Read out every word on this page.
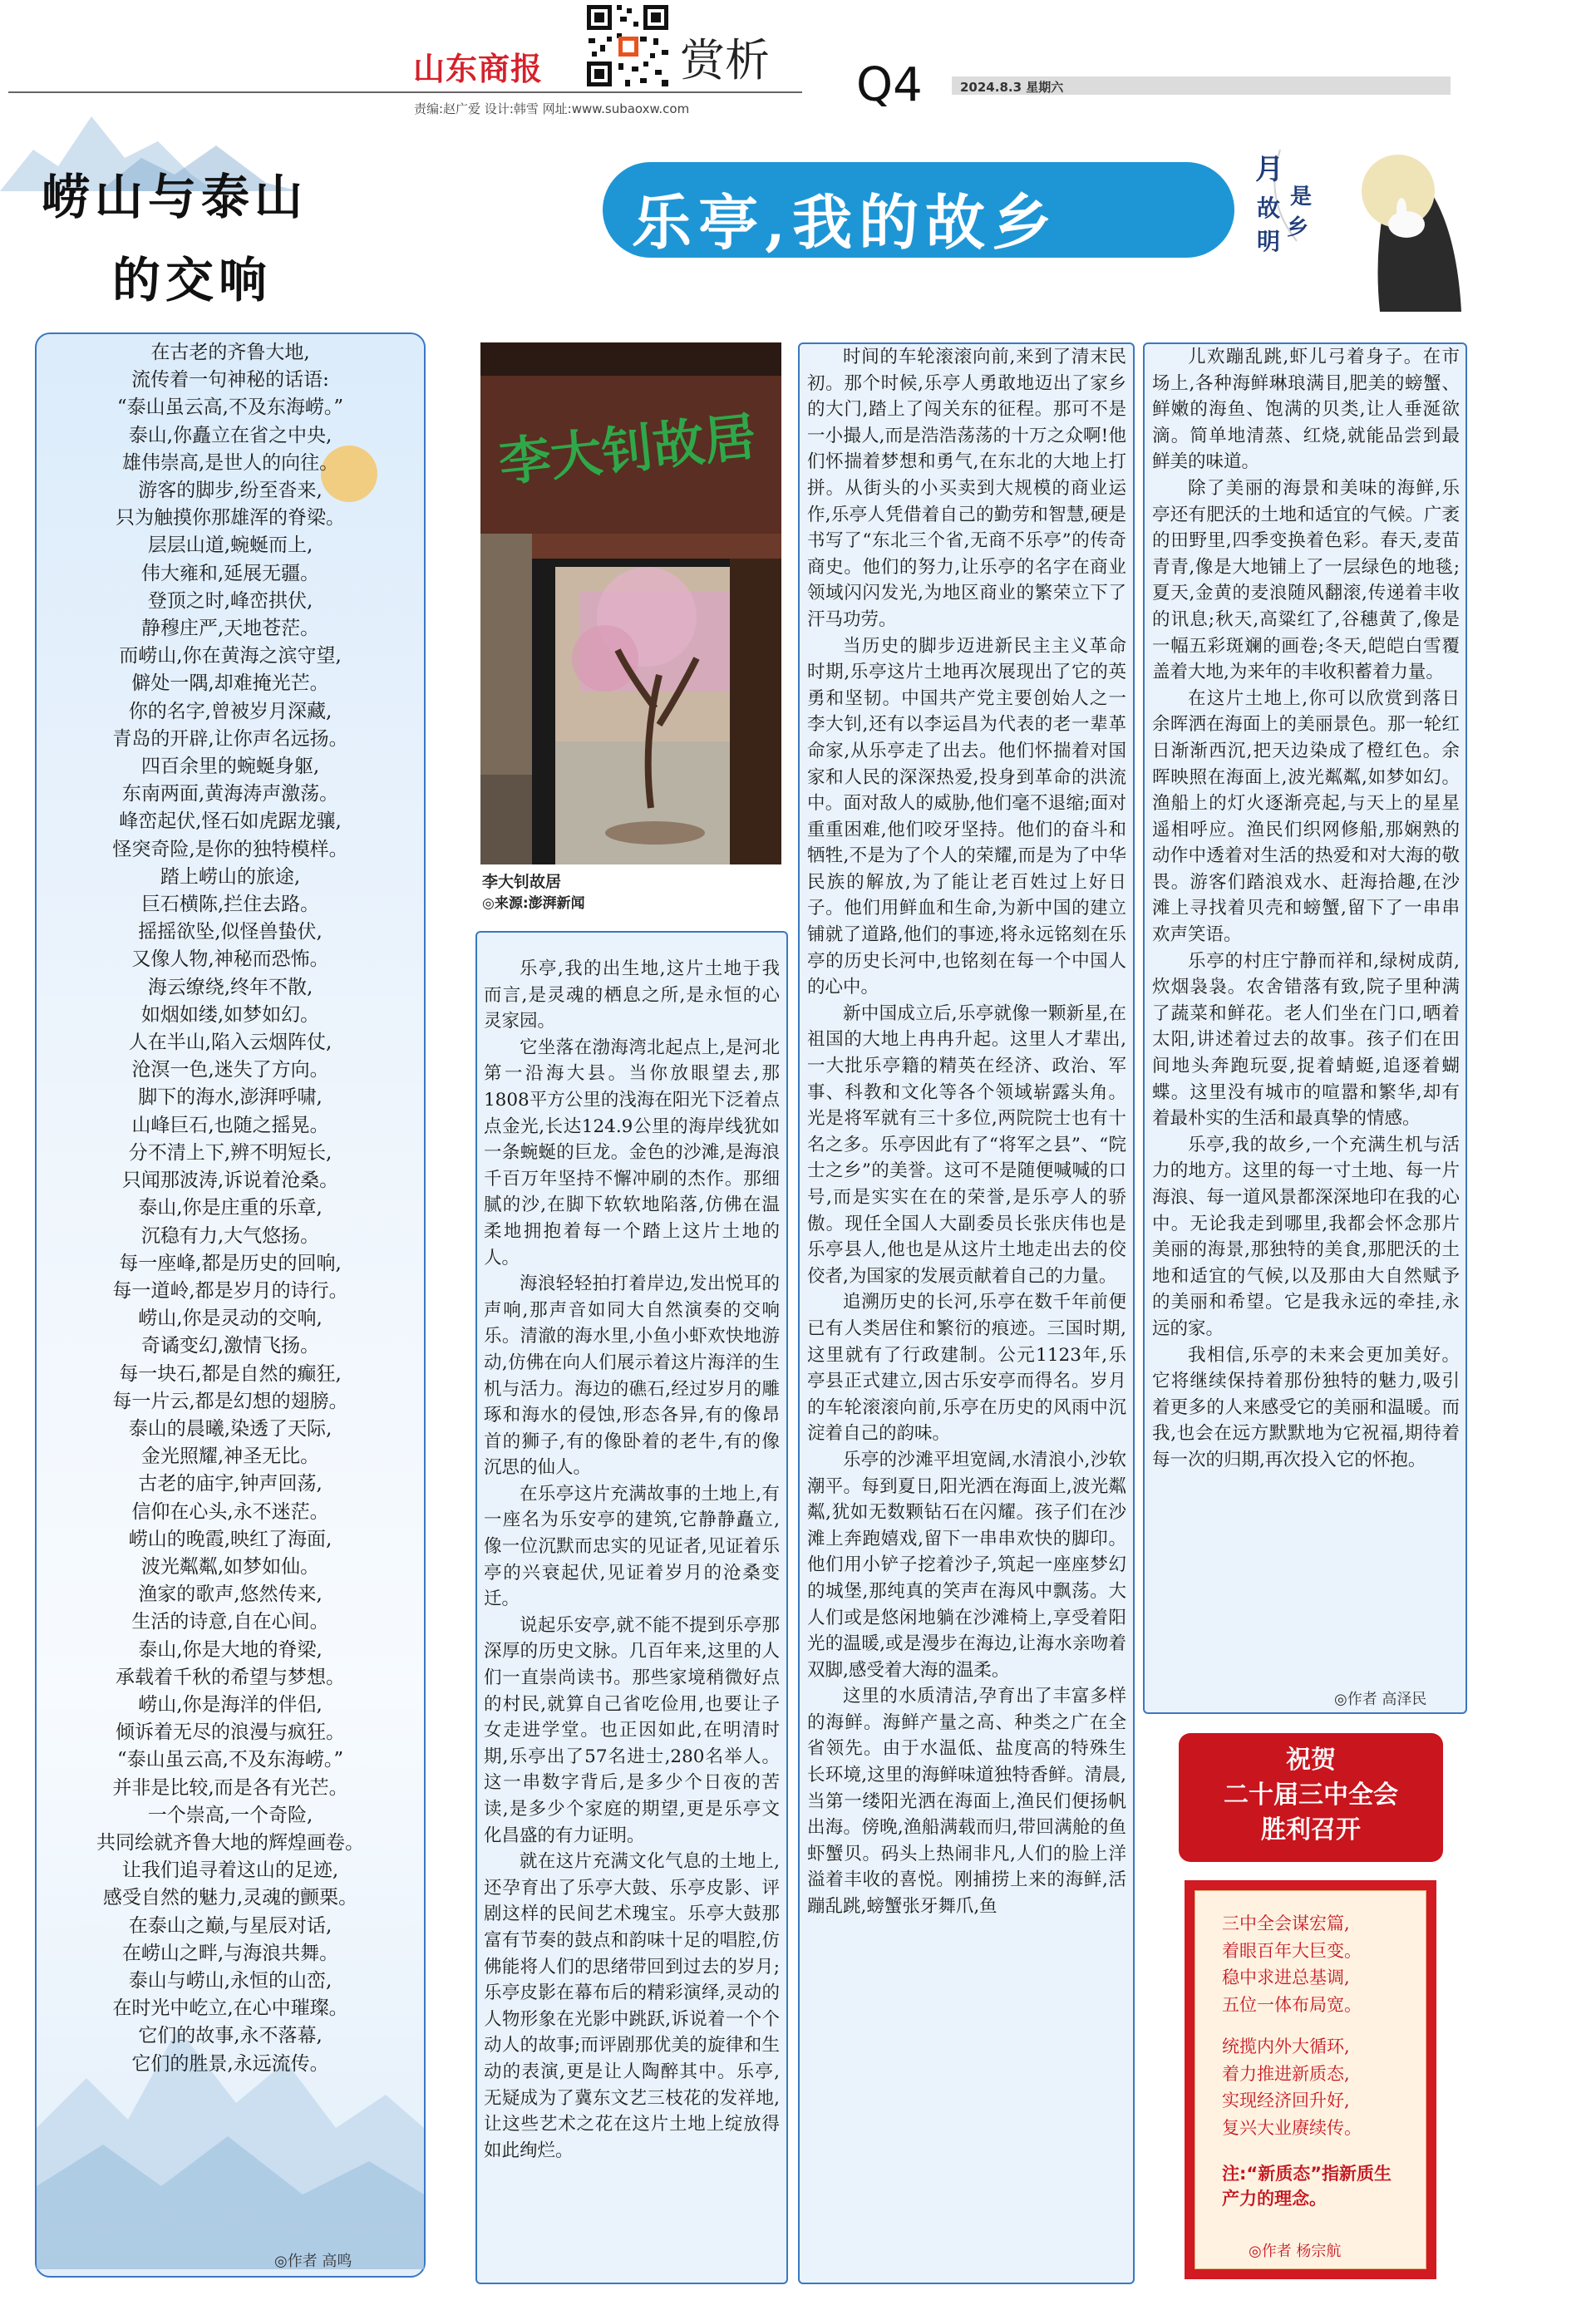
山东商报	赏析 Q4	2024.8.3 星期六
责编:赵广爱 设计:韩雪 网址:www.subaoxw.com
崂山与泰山
的交响
在古老的齐鲁大地,
流传着一句神秘的话语:
“泰山虽云高,不及东海崂。”
泰山,你矗立在省之中央,
雄伟崇高,是世人的向往。
游客的脚步,纷至沓来,
只为触摸你那雄浑的脊梁。
层层山道,蜿蜒而上,
伟大雍和,延展无疆。
登顶之时,峰峦拱伏,
静穆庄严,天地苍茫。
而崂山,你在黄海之滨守望,
僻处一隅,却难掩光芒。
你的名字,曾被岁月深藏,
青岛的开辟,让你声名远扬。
四百余里的蜿蜒身躯,
东南两面,黄海涛声激荡。
峰峦起伏,怪石如虎踞龙骧,
怪突奇险,是你的独特模样。
踏上崂山的旅途,
巨石横陈,拦住去路。
摇摇欲坠,似怪兽蛰伏,
又像人物,神秘而恐怖。
海云缭绕,终年不散,
如烟如缕,如梦如幻。
人在半山,陷入云烟阵仗,
沧溟一色,迷失了方向。
脚下的海水,澎湃呼啸,
山峰巨石,也随之摇晃。
分不清上下,辨不明短长,
只闻那波涛,诉说着沧桑。
泰山,你是庄重的乐章,
沉稳有力,大气悠扬。
每一座峰,都是历史的回响,
每一道岭,都是岁月的诗行。
崂山,你是灵动的交响,
奇谲变幻,激情飞扬。
每一块石,都是自然的癫狂,
每一片云,都是幻想的翅膀。
泰山的晨曦,染透了天际,
金光照耀,神圣无比。
古老的庙宇,钟声回荡,
信仰在心头,永不迷茫。
崂山的晚霞,映红了海面,
波光粼粼,如梦如仙。
渔家的歌声,悠然传来,
生活的诗意,自在心间。
泰山,你是大地的脊梁,
承载着千秋的希望与梦想。
崂山,你是海洋的伴侣,
倾诉着无尽的浪漫与疯狂。
“泰山虽云高,不及东海崂。”
并非是比较,而是各有光芒。
一个崇高,一个奇险,
共同绘就齐鲁大地的辉煌画卷。
让我们追寻着这山的足迹,
感受自然的魅力,灵魂的颤栗。
在泰山之巅,与星辰对话,
在崂山之畔,与海浪共舞。
泰山与崂山,永恒的山峦,
在时光中屹立,在心中璀璨。
它们的故事,永不落幕,
它们的胜景,永远流传。
◎作者 高鸣
乐亭,我的故乡
月
是
故
乡
明
李大钊故居
李大钊故居
◎来源:澎湃新闻

乐亭,我的出生地,这片土地于我而言,是灵魂的栖息之所,是永恒的心灵家园。

它坐落在渤海湾北起点上,是河北第一沿海大县。当你放眼望去,那1808平方公里的浅海在阳光下泛着点点金光,长达124.9公里的海岸线犹如一条蜿蜒的巨龙。金色的沙滩,是海浪千百万年坚持不懈冲刷的杰作。那细腻的沙,在脚下软软地陷落,仿佛在温柔地拥抱着每一个踏上这片土地的人。

海浪轻轻拍打着岸边,发出悦耳的声响,那声音如同大自然演奏的交响乐。清澈的海水里,小鱼小虾欢快地游动,仿佛在向人们展示着这片海洋的生机与活力。海边的礁石,经过岁月的雕琢和海水的侵蚀,形态各异,有的像昂首的狮子,有的像卧着的老牛,有的像沉思的仙人。

在乐亭这片充满故事的土地上,有一座名为乐安亭的建筑,它静静矗立,像一位沉默而忠实的见证者,见证着乐亭的兴衰起伏,见证着岁月的沧桑变迁。

说起乐安亭,就不能不提到乐亭那深厚的历史文脉。几百年来,这里的人们一直崇尚读书。那些家境稍微好点的村民,就算自己省吃俭用,也要让子女走进学堂。也正因如此,在明清时期,乐亭出了57名进士,280名举人。这一串数字背后,是多少个日夜的苦读,是多少个家庭的期望,更是乐亭文化昌盛的有力证明。

就在这片充满文化气息的土地上,还孕育出了乐亭大鼓、乐亭皮影、评剧这样的民间艺术瑰宝。乐亭大鼓那富有节奏的鼓点和韵味十足的唱腔,仿佛能将人们的思绪带回到过去的岁月;乐亭皮影在幕布后的精彩演绎,灵动的人物形象在光影中跳跃,诉说着一个个动人的故事;而评剧那优美的旋律和生动的表演,更是让人陶醉其中。乐亭,无疑成为了冀东文艺三枝花的发祥地,让这些艺术之花在这片土地上绽放得如此绚烂。

时间的车轮滚滚向前,来到了清末民初。那个时候,乐亭人勇敢地迈出了家乡的大门,踏上了闯关东的征程。那可不是一小撮人,而是浩浩荡荡的十万之众啊!他们怀揣着梦想和勇气,在东北的大地上打拼。从街头的小买卖到大规模的商业运作,乐亭人凭借着自己的勤劳和智慧,硬是书写了“东北三个省,无商不乐亭”的传奇商史。他们的努力,让乐亭的名字在商业领域闪闪发光,为地区商业的繁荣立下了汗马功劳。

当历史的脚步迈进新民主主义革命时期,乐亭这片土地再次展现出了它的英勇和坚韧。中国共产党主要创始人之一李大钊,还有以李运昌为代表的老一辈革命家,从乐亭走了出去。他们怀揣着对国家和人民的深深热爱,投身到革命的洪流中。面对敌人的威胁,他们毫不退缩;面对重重困难,他们咬牙坚持。他们的奋斗和牺牲,不是为了个人的荣耀,而是为了中华民族的解放,为了能让老百姓过上好日子。他们用鲜血和生命,为新中国的建立铺就了道路,他们的事迹,将永远铭刻在乐亭的历史长河中,也铭刻在每一个中国人的心中。

新中国成立后,乐亭就像一颗新星,在祖国的大地上冉冉升起。这里人才辈出,一大批乐亭籍的精英在经济、政治、军事、科教和文化等各个领域崭露头角。光是将军就有三十多位,两院院士也有十名之多。乐亭因此有了“将军之县”、“院士之乡”的美誉。这可不是随便喊喊的口号,而是实实在在的荣誉,是乐亭人的骄傲。现任全国人大副委员长张庆伟也是乐亭县人,他也是从这片土地走出去的佼佼者,为国家的发展贡献着自己的力量。

追溯历史的长河,乐亭在数千年前便已有人类居住和繁衍的痕迹。三国时期,这里就有了行政建制。公元1123年,乐亭县正式建立,因古乐安亭而得名。岁月的车轮滚滚向前,乐亭在历史的风雨中沉淀着自己的韵味。

乐亭的沙滩平坦宽阔,水清浪小,沙软潮平。每到夏日,阳光洒在海面上,波光粼粼,犹如无数颗钻石在闪耀。孩子们在沙滩上奔跑嬉戏,留下一串串欢快的脚印。他们用小铲子挖着沙子,筑起一座座梦幻的城堡,那纯真的笑声在海风中飘荡。大人们或是悠闲地躺在沙滩椅上,享受着阳光的温暖,或是漫步在海边,让海水亲吻着双脚,感受着大海的温柔。

这里的水质清洁,孕育出了丰富多样的海鲜。海鲜产量之高、种类之广在全省领先。由于水温低、盐度高的特殊生长环境,这里的海鲜味道独特香鲜。清晨,当第一缕阳光洒在海面上,渔民们便扬帆出海。傍晚,渔船满载而归,带回满舱的鱼虾蟹贝。码头上热闹非凡,人们的脸上洋溢着丰收的喜悦。刚捕捞上来的海鲜,活蹦乱跳,螃蟹张牙舞爪,鱼

儿欢蹦乱跳,虾儿弓着身子。在市场上,各种海鲜琳琅满目,肥美的螃蟹、鲜嫩的海鱼、饱满的贝类,让人垂涎欲滴。简单地清蒸、红烧,就能品尝到最鲜美的味道。

除了美丽的海景和美味的海鲜,乐亭还有肥沃的土地和适宜的气候。广袤的田野里,四季变换着色彩。春天,麦苗青青,像是大地铺上了一层绿色的地毯;夏天,金黄的麦浪随风翻滚,传递着丰收的讯息;秋天,高粱红了,谷穗黄了,像是一幅五彩斑斓的画卷;冬天,皑皑白雪覆盖着大地,为来年的丰收积蓄着力量。

在这片土地上,你可以欣赏到落日余晖洒在海面上的美丽景色。那一轮红日渐渐西沉,把天边染成了橙红色。余晖映照在海面上,波光粼粼,如梦如幻。渔船上的灯火逐渐亮起,与天上的星星遥相呼应。渔民们织网修船,那娴熟的动作中透着对生活的热爱和对大海的敬畏。游客们踏浪戏水、赶海拾趣,在沙滩上寻找着贝壳和螃蟹,留下了一串串欢声笑语。

乐亭的村庄宁静而祥和,绿树成荫,炊烟袅袅。农舍错落有致,院子里种满了蔬菜和鲜花。老人们坐在门口,晒着太阳,讲述着过去的故事。孩子们在田间地头奔跑玩耍,捉着蜻蜓,追逐着蝴蝶。这里没有城市的喧嚣和繁华,却有着最朴实的生活和最真挚的情感。

乐亭,我的故乡,一个充满生机与活力的地方。这里的每一寸土地、每一片海浪、每一道风景都深深地印在我的心中。无论我走到哪里,我都会怀念那片美丽的海景,那独特的美食,那肥沃的土地和适宜的气候,以及那由大自然赋予的美丽和希望。它是我永远的牵挂,永远的家。

我相信,乐亭的未来会更加美好。它将继续保持着那份独特的魅力,吸引着更多的人来感受它的美丽和温暖。而我,也会在远方默默地为它祝福,期待着每一次的归期,再次投入它的怀抱。

◎作者 高泽民
祝贺
二十届三中全会
胜利召开
三中全会谋宏篇,
着眼百年大巨变。
稳中求进总基调,
五位一体布局宽。
统揽内外大循环,
着力推进新质态,
实现经济回升好,
复兴大业赓续传。
注:“新质态”指新质生产力的理念。
◎作者 杨宗航
